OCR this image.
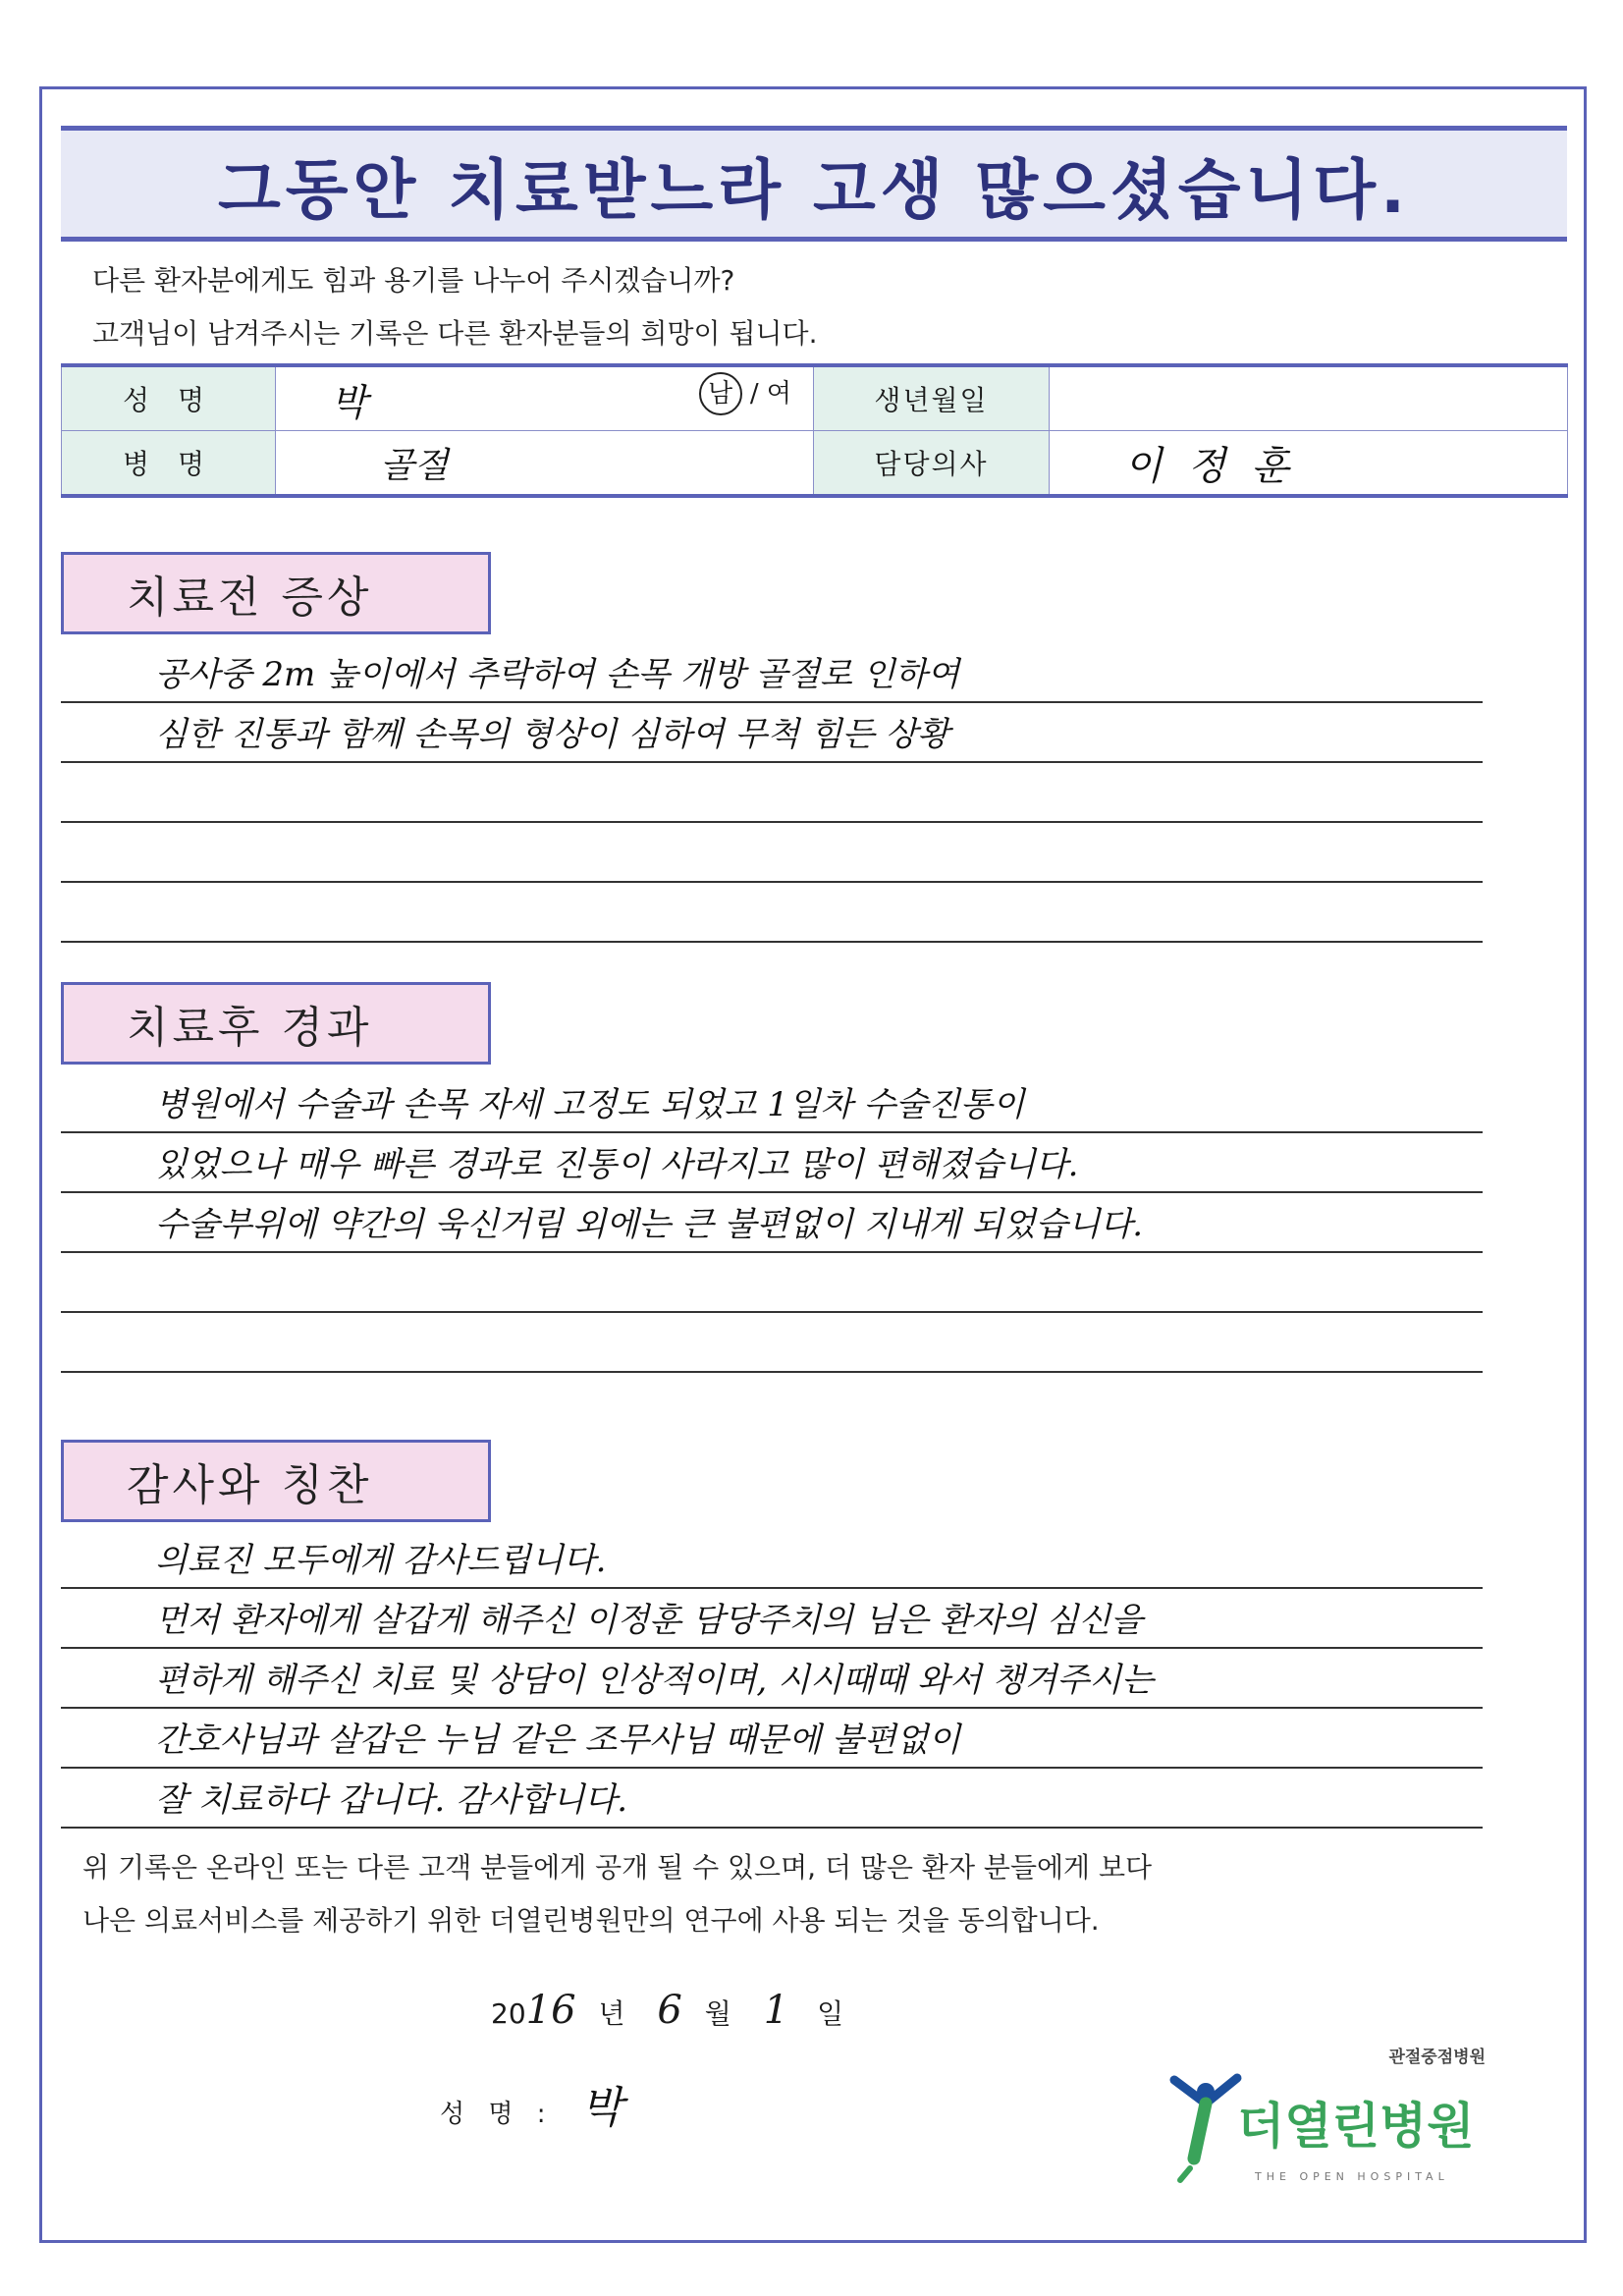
그동안 치료받느라 고생 많으셨습니다.
다른 환자분에게도 힘과 용기를 나누어 주시겠습니까?
고객님이 남겨주시는 기록은 다른 환자분들의 희망이 됩니다.
성 명	박 남 / 여	생년월일	
병 명	골절	담당의사	이정훈
치료전 증상
공사중 2m 높이에서 추락하여 손목 개방 골절로 인하여
심한 진통과 함께 손목의 형상이 심하여 무척 힘든 상황
치료후 경과
병원에서 수술과 손목 자세 고정도 되었고 1일차 수술진통이
있었으나 매우 빠른 경과로 진통이 사라지고 많이 편해졌습니다.
수술부위에 약간의 욱신거림 외에는 큰 불편없이 지내게 되었습니다.
감사와 칭찬
의료진 모두에게 감사드립니다.
먼저 환자에게 살갑게 해주신 이정훈 담당주치의 님은 환자의 심신을
편하게 해주신 치료 및 상담이 인상적이며, 시시때때 와서 챙겨주시는
간호사님과 살갑은 누님 같은 조무사님 때문에 불편없이
잘 치료하다 갑니다. 감사합니다.
위 기록은 온라인 또는 다른 고객 분들에게 공개 될 수 있으며, 더 많은 환자 분들에게 보다
나은 의료서비스를 제공하기 위한 더열린병원만의 연구에 사용 되는 것을 동의합니다.
2016 년 6 월 1 일
성 명 : 박
관절중점병원
더열린병원
THE OPEN HOSPITAL
